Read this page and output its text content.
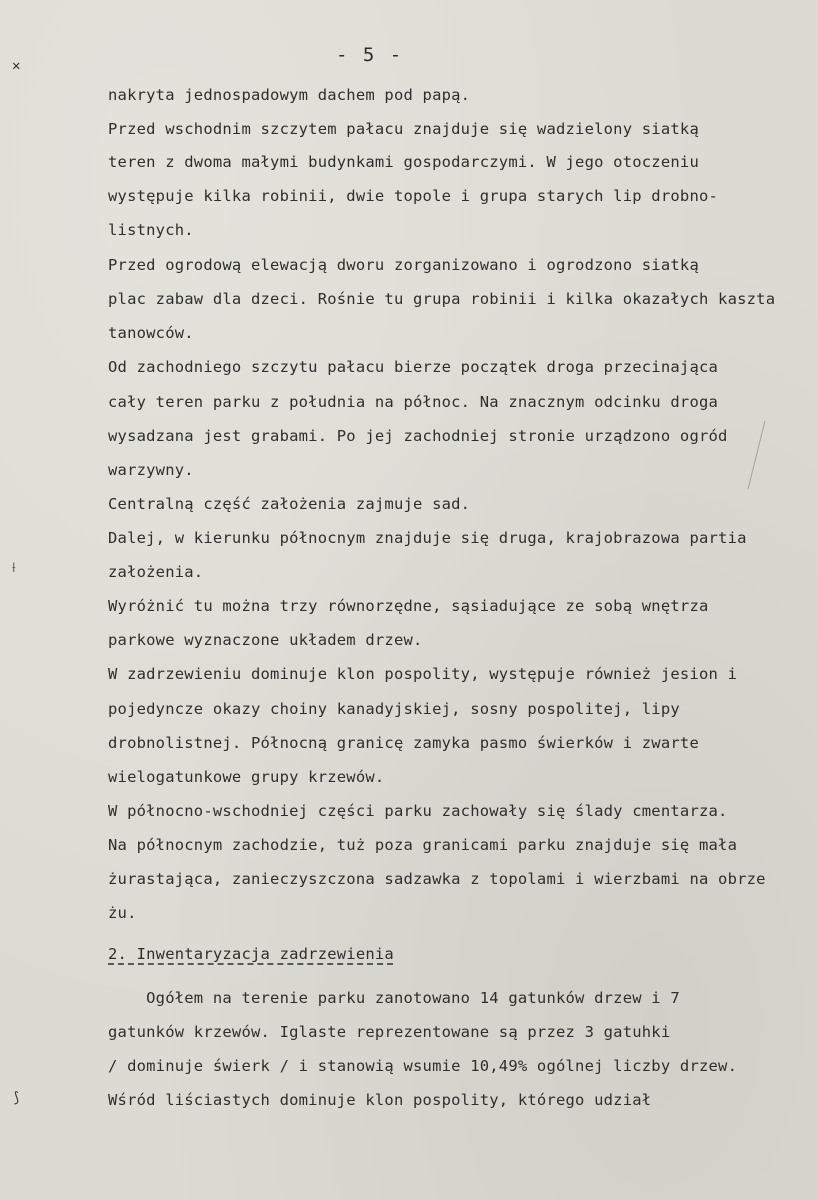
- 5 -
✕
⟊
⟆
nakryta jednospadowym dachem pod papą.
Przed wschodnim szczytem pałacu znajduje się wadzielony siatką
teren z dwoma małymi budynkami gospodarczymi. W jego otoczeniu
występuje kilka robinii, dwie topole i grupa starych lip drobno-
listnych.
Przed ogrodową elewacją dworu zorganizowano i ogrodzono siatką
plac zabaw dla dzeci. Rośnie tu grupa robinii i kilka okazałych kaszta
tanowców.
Od zachodniego szczytu pałacu bierze początek droga przecinająca
cały teren parku z południa na północ. Na znacznym odcinku droga
wysadzana jest grabami. Po jej zachodniej stronie urządzono ogród
warzywny.
Centralną część założenia zajmuje sad.
Dalej, w kierunku północnym znajduje się druga, krajobrazowa partia
założenia.
Wyróżnić tu można trzy równorzędne, sąsiadujące ze sobą wnętrza
parkowe wyznaczone układem drzew.
W zadrzewieniu dominuje klon pospolity, występuje również jesion i
pojedyncze okazy choiny kanadyjskiej, sosny pospolitej, lipy
drobnolistnej. Północną granicę zamyka pasmo świerków i zwarte
wielogatunkowe grupy krzewów.
W północno-wschodniej części parku zachowały się ślady cmentarza.
Na północnym zachodzie, tuż poza granicami parku znajduje się mała
żurastająca, zanieczyszczona sadzawka z topolami i wierzbami na obrze
żu.
2. Inwentaryzacja zadrzewienia
Ogółem na terenie parku zanotowano 14 gatunków drzew i 7
gatunków krzewów. Iglaste reprezentowane są przez 3 gatuhki
/ dominuje świerk / i stanowią wsumie 10,49% ogólnej liczby drzew.
Wśród liściastych dominuje klon pospolity, którego udział
